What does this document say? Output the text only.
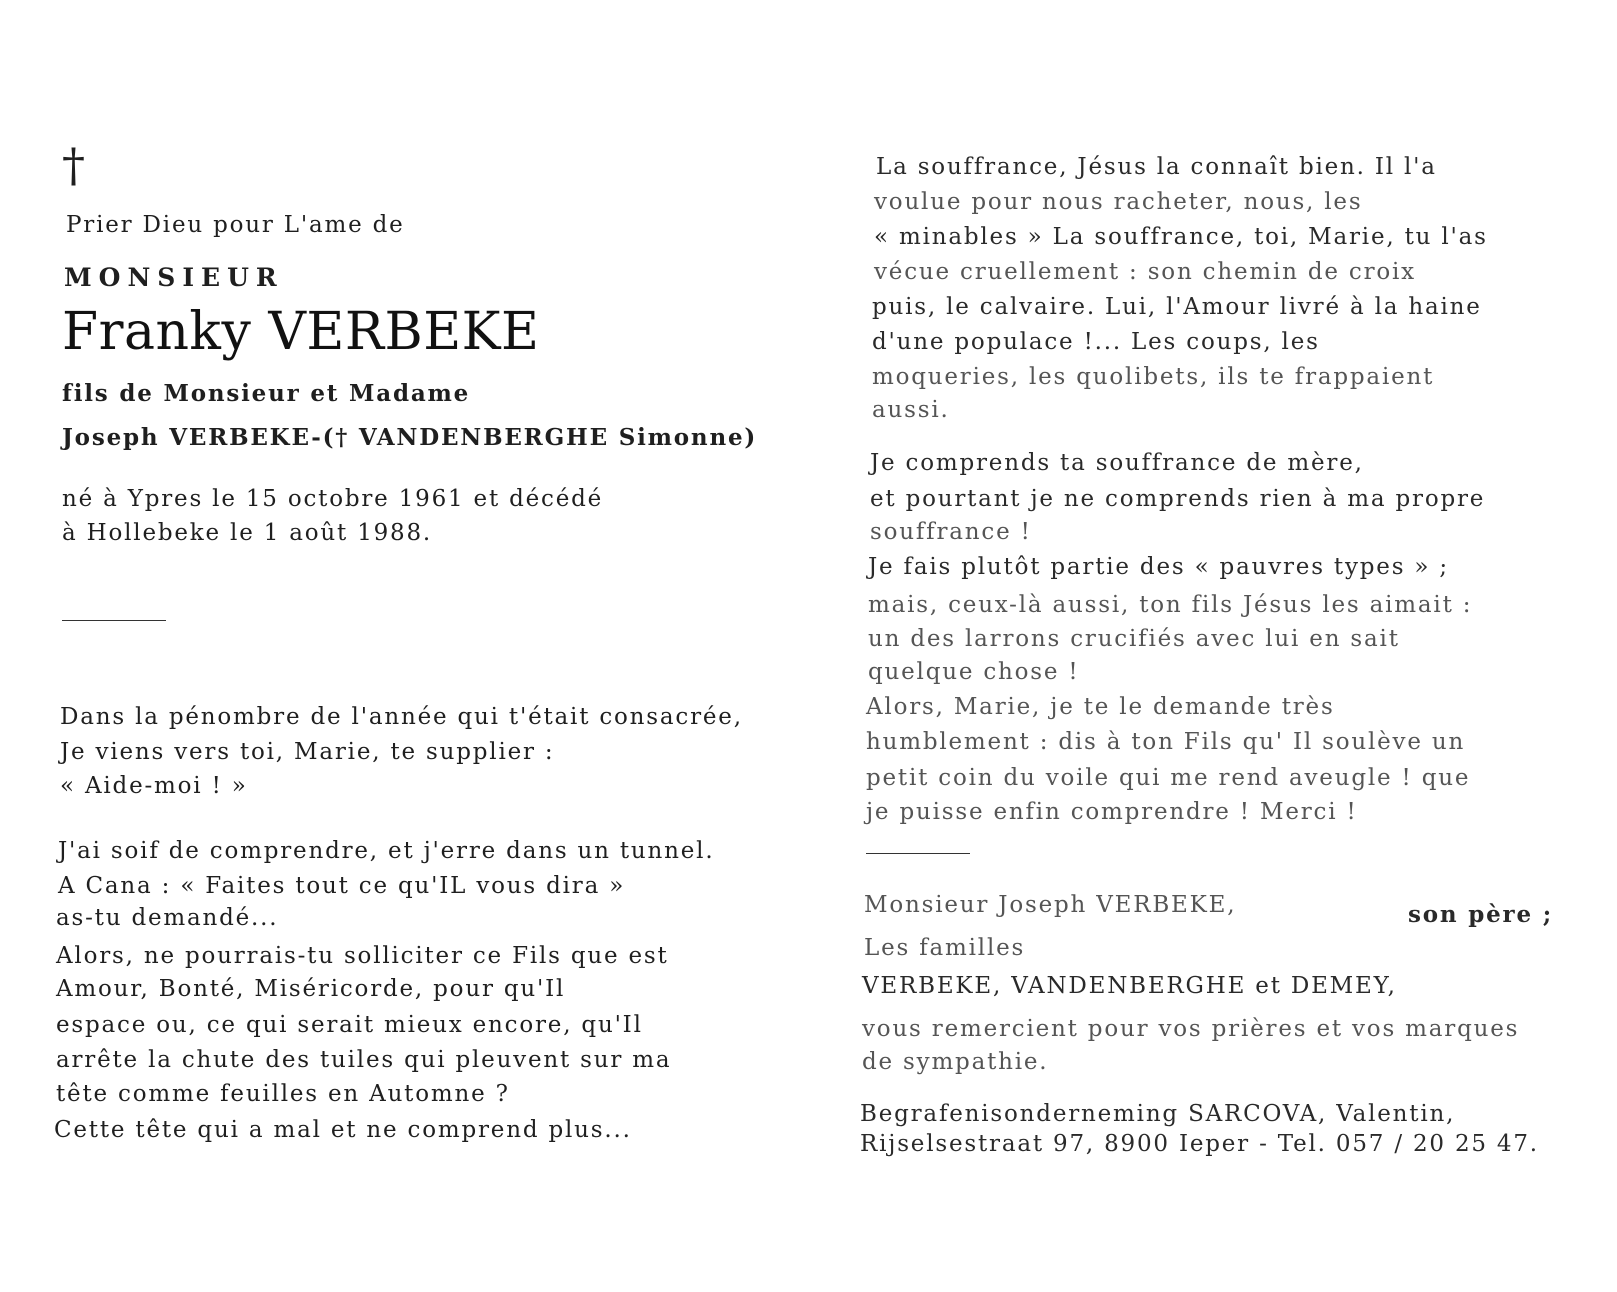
†
Prier Dieu pour L'ame de
MONSIEUR
Franky VERBEKE
fils de Monsieur et Madame
Joseph VERBEKE-(† VANDENBERGHE Simonne)
né à Ypres le 15 octobre 1961 et décédé
à Hollebeke le 1 août 1988.
Dans la pénombre de l'année qui t'était consacrée,
Je viens vers toi, Marie, te supplier :
« Aide-moi ! »
J'ai soif de comprendre, et j'erre dans un tunnel.
A Cana : « Faites tout ce qu'IL vous dira »
as-tu demandé...
Alors, ne pourrais-tu solliciter ce Fils que est
Amour, Bonté, Miséricorde, pour qu'Il
espace ou, ce qui serait mieux encore, qu'Il
arrête la chute des tuiles qui pleuvent sur ma
tête comme feuilles en Automne ?
Cette tête qui a mal et ne comprend plus...
La souffrance, Jésus la connaît bien. Il l'a
voulue pour nous racheter, nous, les
« minables » La souffrance, toi, Marie, tu l'as
vécue cruellement : son chemin de croix
puis, le calvaire. Lui, l'Amour livré à la haine
d'une populace !... Les coups, les
moqueries, les quolibets, ils te frappaient
aussi.
Je comprends ta souffrance de mère,
et pourtant je ne comprends rien à ma propre
souffrance !
Je fais plutôt partie des « pauvres types » ;
mais, ceux-là aussi, ton fils Jésus les aimait :
un des larrons crucifiés avec lui en sait
quelque chose !
Alors, Marie, je te le demande très
humblement : dis à ton Fils qu' Il soulève un
petit coin du voile qui me rend aveugle ! que
je puisse enfin comprendre ! Merci !
Monsieur Joseph VERBEKE,	son père ;
Les familles
VERBEKE, VANDENBERGHE et DEMEY,
vous remercient pour vos prières et vos marques
de sympathie.
Begrafenisonderneming SARCOVA, Valentin,
Rijselsestraat 97, 8900 Ieper - Tel. 057 / 20 25 47.
